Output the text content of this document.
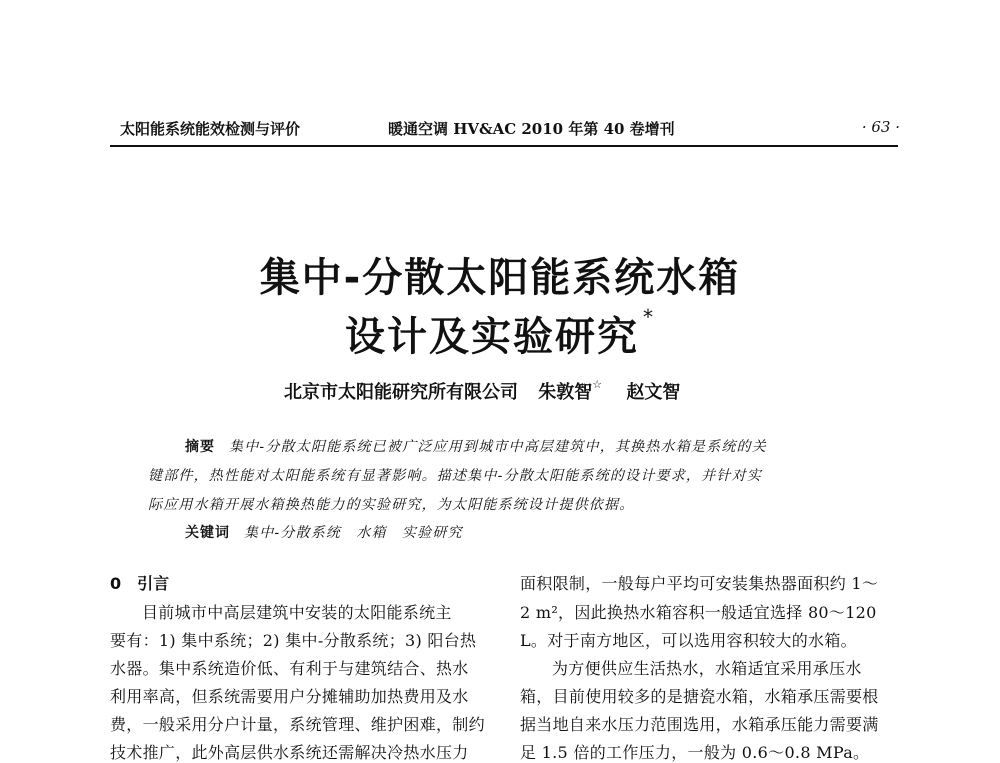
太阳能系统能效检测与评价	暖通空调 HV&AC 2010 年第 40 卷增刊	· 63 ·
集中-分散太阳能系统水箱
设计及实验研究 *
北京市太阳能研究所有限公司 朱敦智☆ 赵文智
摘要 集中-分散太阳能系统已被广泛应用到城市中高层建筑中，其换热水箱是系统的关
键部件，热性能对太阳能系统有显著影响。描述集中-分散太阳能系统的设计要求，并针对实
际应用水箱开展水箱换热能力的实验研究，为太阳能系统设计提供依据。
关键词 集中-分散系统　水箱　实验研究
0　引言
目前城市中高层建筑中安装的太阳能系统主
要有：1) 集中系统；2) 集中-分散系统；3) 阳台热
水器。集中系统造价低、有利于与建筑结合、热水
利用率高，但系统需要用户分摊辅助加热费用及水
费，一般采用分户计量，系统管理、维护困难，制约
技术推广，此外高层供水系统还需解决冷热水压力
面积限制，一般每户平均可安装集热器面积约 1～
2 m²，因此换热水箱容积一般适宜选择 80～120
L。对于南方地区，可以选用容积较大的水箱。
为方便供应生活热水，水箱适宜采用承压水
箱，目前使用较多的是搪瓷水箱，水箱承压需要根
据当地自来水压力范围选用，水箱承压能力需要满
足 1.5 倍的工作压力，一般为 0.6～0.8 MPa。
